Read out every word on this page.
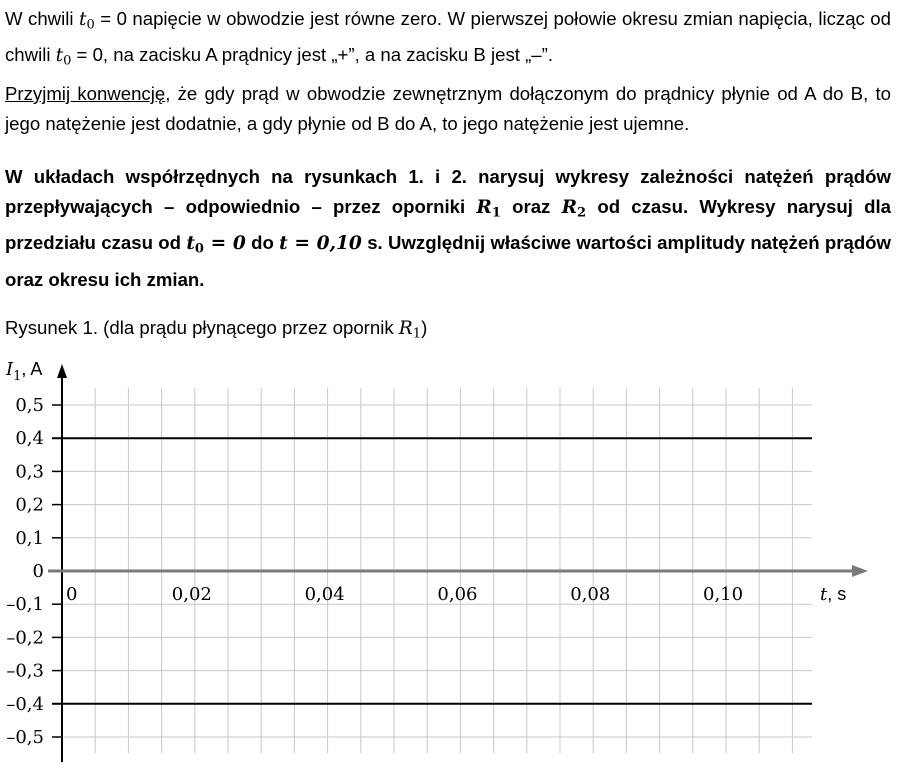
W chwili $t_0 = 0$ napięcie w obwodzie jest równe zero. W pierwszej połowie okresu zmian napięcia, licząc od chwili $t_0 = 0$, na zacisku A prądnicy jest „+”, a na zacisku B jest „–”.

Przyjmij konwencję, że gdy prąd w obwodzie zewnętrznym dołączonym do prądnicy płynie od A do B, to jego natężenie jest dodatnie, a gdy płynie od B do A, to jego natężenie jest ujemne.

W układach współrzędnych na rysunkach 1. i 2. narysuj wykresy zależności natężeń prądów przepływających – odpowiednio – przez oporniki $R_1$ oraz $R_2$ od czasu. Wykresy narysuj dla przedziału czasu od $t_0 = 0$ do t = 0,10 s. Uwzględnij właściwe wartości amplitudy natężeń prądów oraz okresu ich zmian.

Rysunek 1. (dla prądu płynącego przez opornik $R_1$)
0,5
0,4
0,3
0,2
0,1
0
–0,1
–0,2
–0,3
–0,4
–0,5
0	0,02	0,04	0,06	0,08	0,10
$I_1$, A
t, s
